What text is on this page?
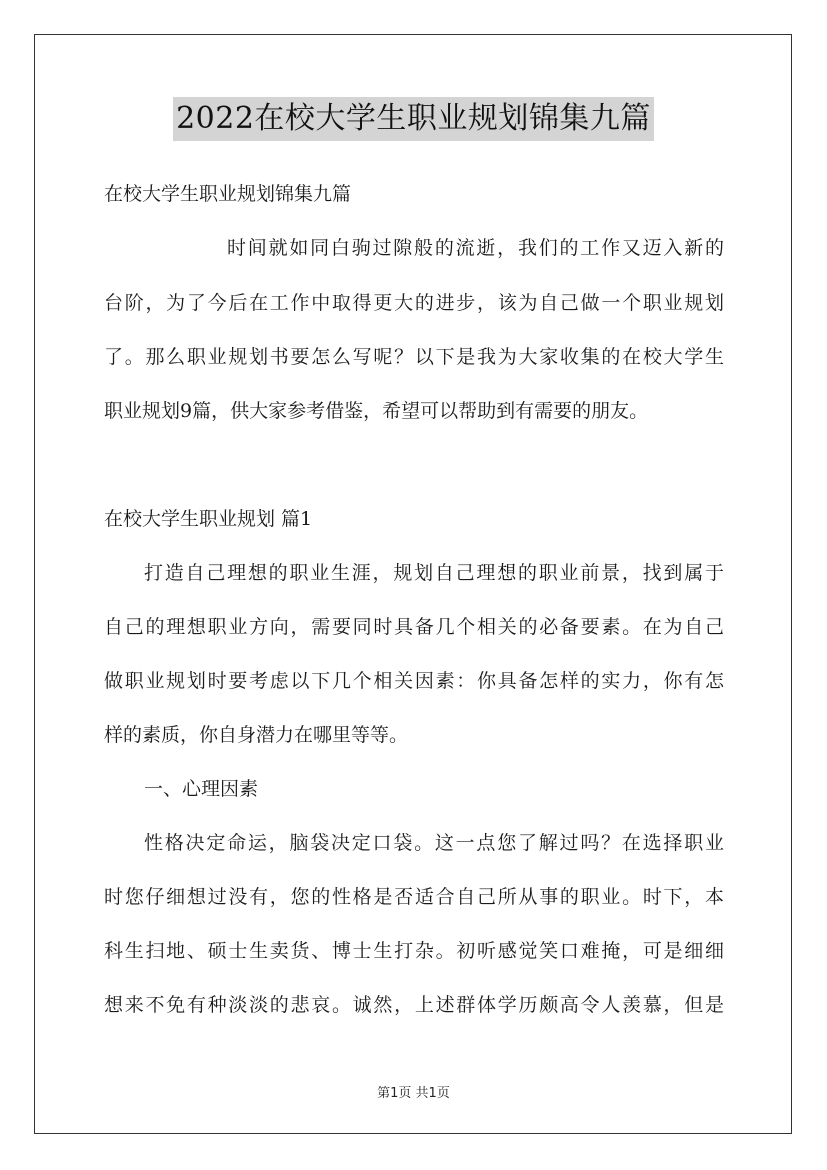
2022在校大学生职业规划锦集九篇
在校大学生职业规划锦集九篇
时间就如同白驹过隙般的流逝，我们的工作又迈入新的
台阶，为了今后在工作中取得更大的进步，该为自己做一个职业规划
了。那么职业规划书要怎么写呢？以下是我为大家收集的在校大学生
职业规划9篇，供大家参考借鉴，希望可以帮助到有需要的朋友。
在校大学生职业规划 篇1
打造自己理想的职业生涯，规划自己理想的职业前景，找到属于
自己的理想职业方向，需要同时具备几个相关的必备要素。在为自己
做职业规划时要考虑以下几个相关因素：你具备怎样的实力，你有怎
样的素质，你自身潜力在哪里等等。
一、心理因素
性格决定命运，脑袋决定口袋。这一点您了解过吗？在选择职业
时您仔细想过没有，您的性格是否适合自己所从事的职业。时下，本
科生扫地、硕士生卖货、博士生打杂。初听感觉笑口难掩，可是细细
想来不免有种淡淡的悲哀。诚然，上述群体学历颇高令人羡慕，但是
第1页 共1页
